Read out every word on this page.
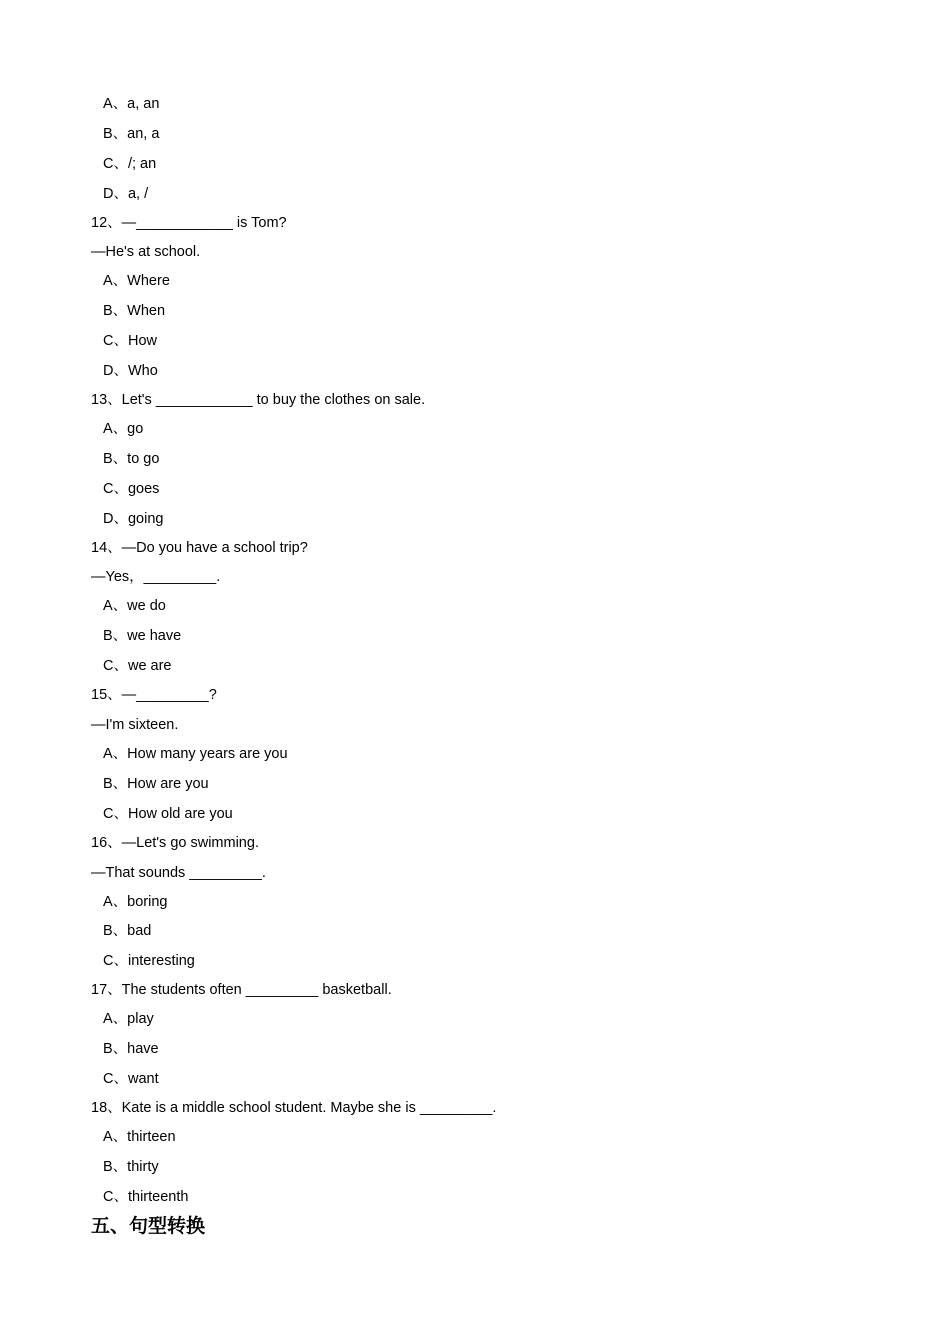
A、a, an
B、an, a
C、/; an
D、a, /
12、—____________ is Tom?
—He's at school.
A、Where
B、When
C、How
D、Who
13、Let's ____________ to buy the clothes on sale.
A、go
B、to go
C、goes
D、going
14、—Do you have a school trip?
—Yes，_________.
A、we do
B、we have
C、we are
15、—_________?
—I'm sixteen.
A、How many years are you
B、How are you
C、How old are you
16、—Let's go swimming.
—That sounds _________.
A、boring
B、bad
C、interesting
17、The students often _________ basketball.
A、play
B、have
C、want
18、Kate is a middle school student. Maybe she is _________.
A、thirteen
B、thirty
C、thirteenth
五、句型转换
